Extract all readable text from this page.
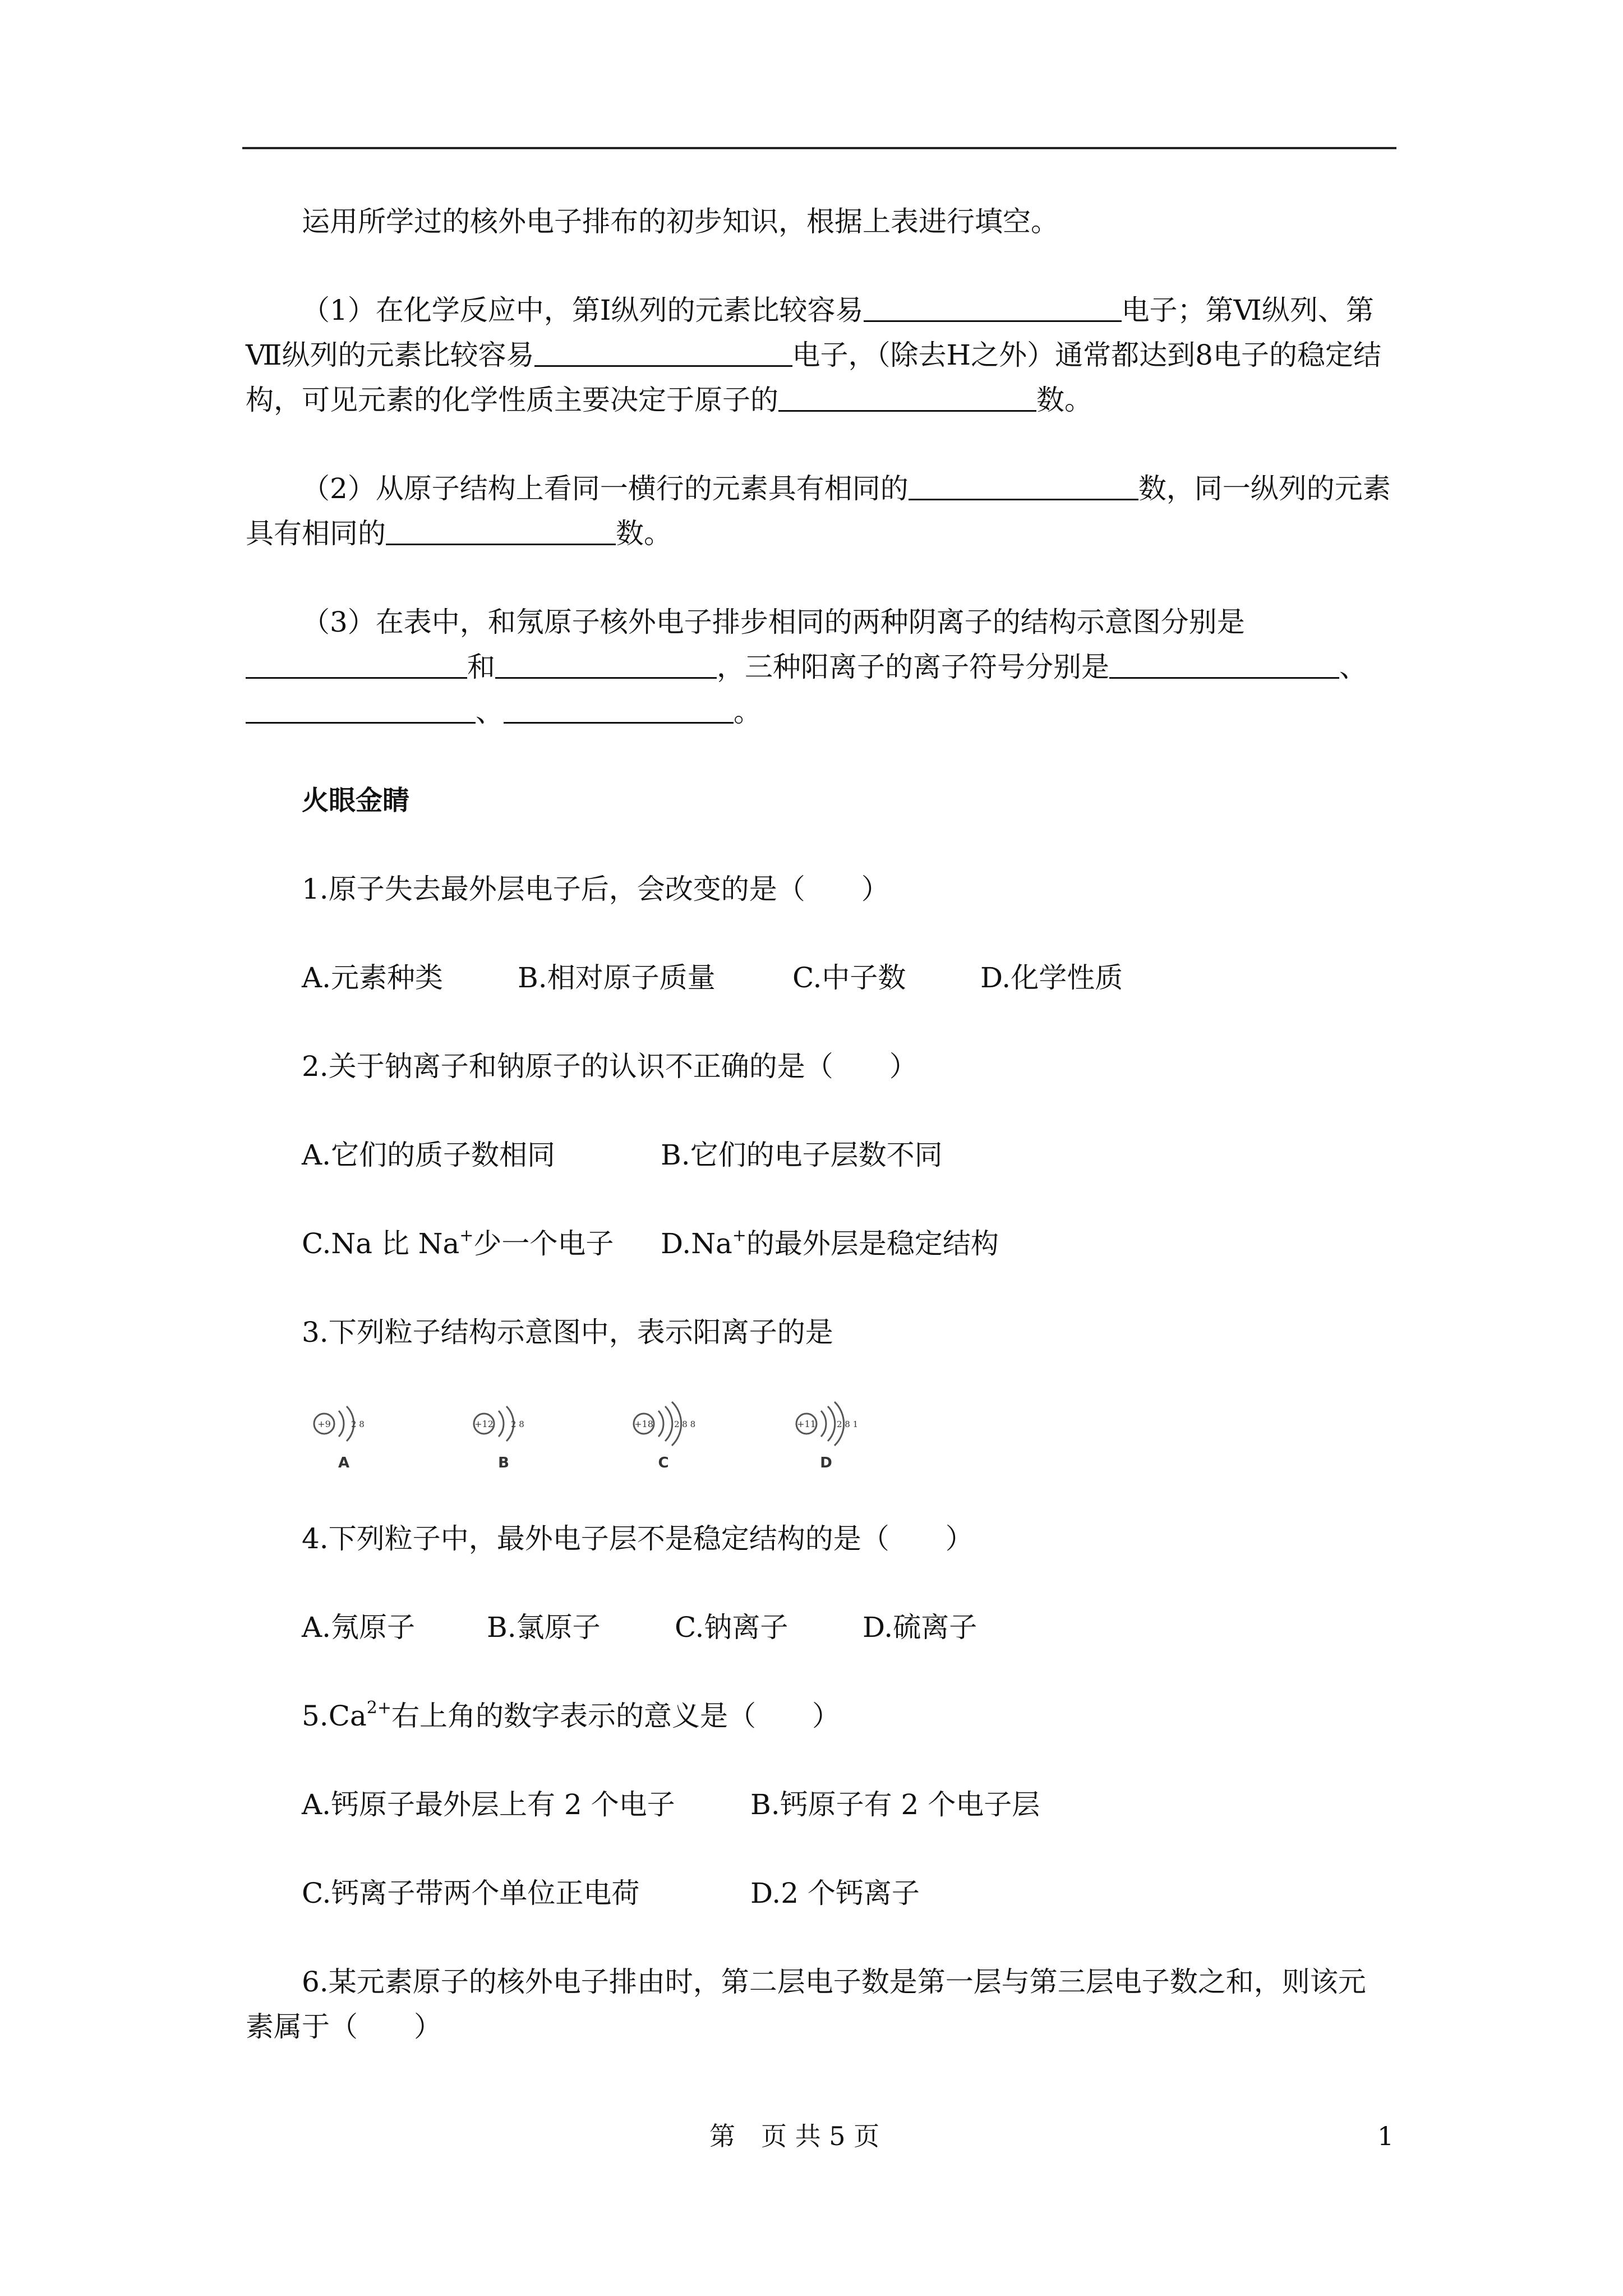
运用所学过的核外电子排布的初步知识，根据上表进行填空。

（1）在化学反应中，第Ⅰ纵列的元素比较容易	电子；第Ⅵ纵列、第Ⅶ纵列的元素比较容易	电子，（除去H之外）通常都达到8电子的稳定结构，可见元素的化学性质主要决定于原子的	数。

（2）从原子结构上看同一横行的元素具有相同的	数，同一纵列的元素具有相同的	数。

（3）在表中，和氖原子核外电子排步相同的两种阴离子的结构示意图分别是和	，三种阳离子的离子符号分别是	、、	。

火眼金睛
1.原子失去最外层电子后，会改变的是（　　）
A.元素种类	B.相对原子质量	C.中子数	D.化学性质
2.关于钠离子和钠原子的认识不正确的是（　　）
A.它们的质子数相同	B.它们的电子层数不同
C.Na 比 Na+少一个电子 D.Na+的最外层是稳定结构
3.下列粒子结构示意图中，表示阳离子的是
+9 2 8
A
+12 2 8
B
+18 2 8 8
C
+11 2 8 1
D
4.下列粒子中，最外电子层不是稳定结构的是（　　）
A.氖原子	B.氯原子	C.钠离子	D.硫离子
$5.Ca^{2+}$右上角的数字表示的意义是（　　）
A.钙原子最外层上有 2 个电子	B.钙原子有 2 个电子层
C.钙离子带两个单位正电荷	D.2 个钙离子
6.某元素原子的核外电子排由时，第二层电子数是第一层与第三层电子数之和，则该元素属于（　　）
第　页 共 5 页	1
